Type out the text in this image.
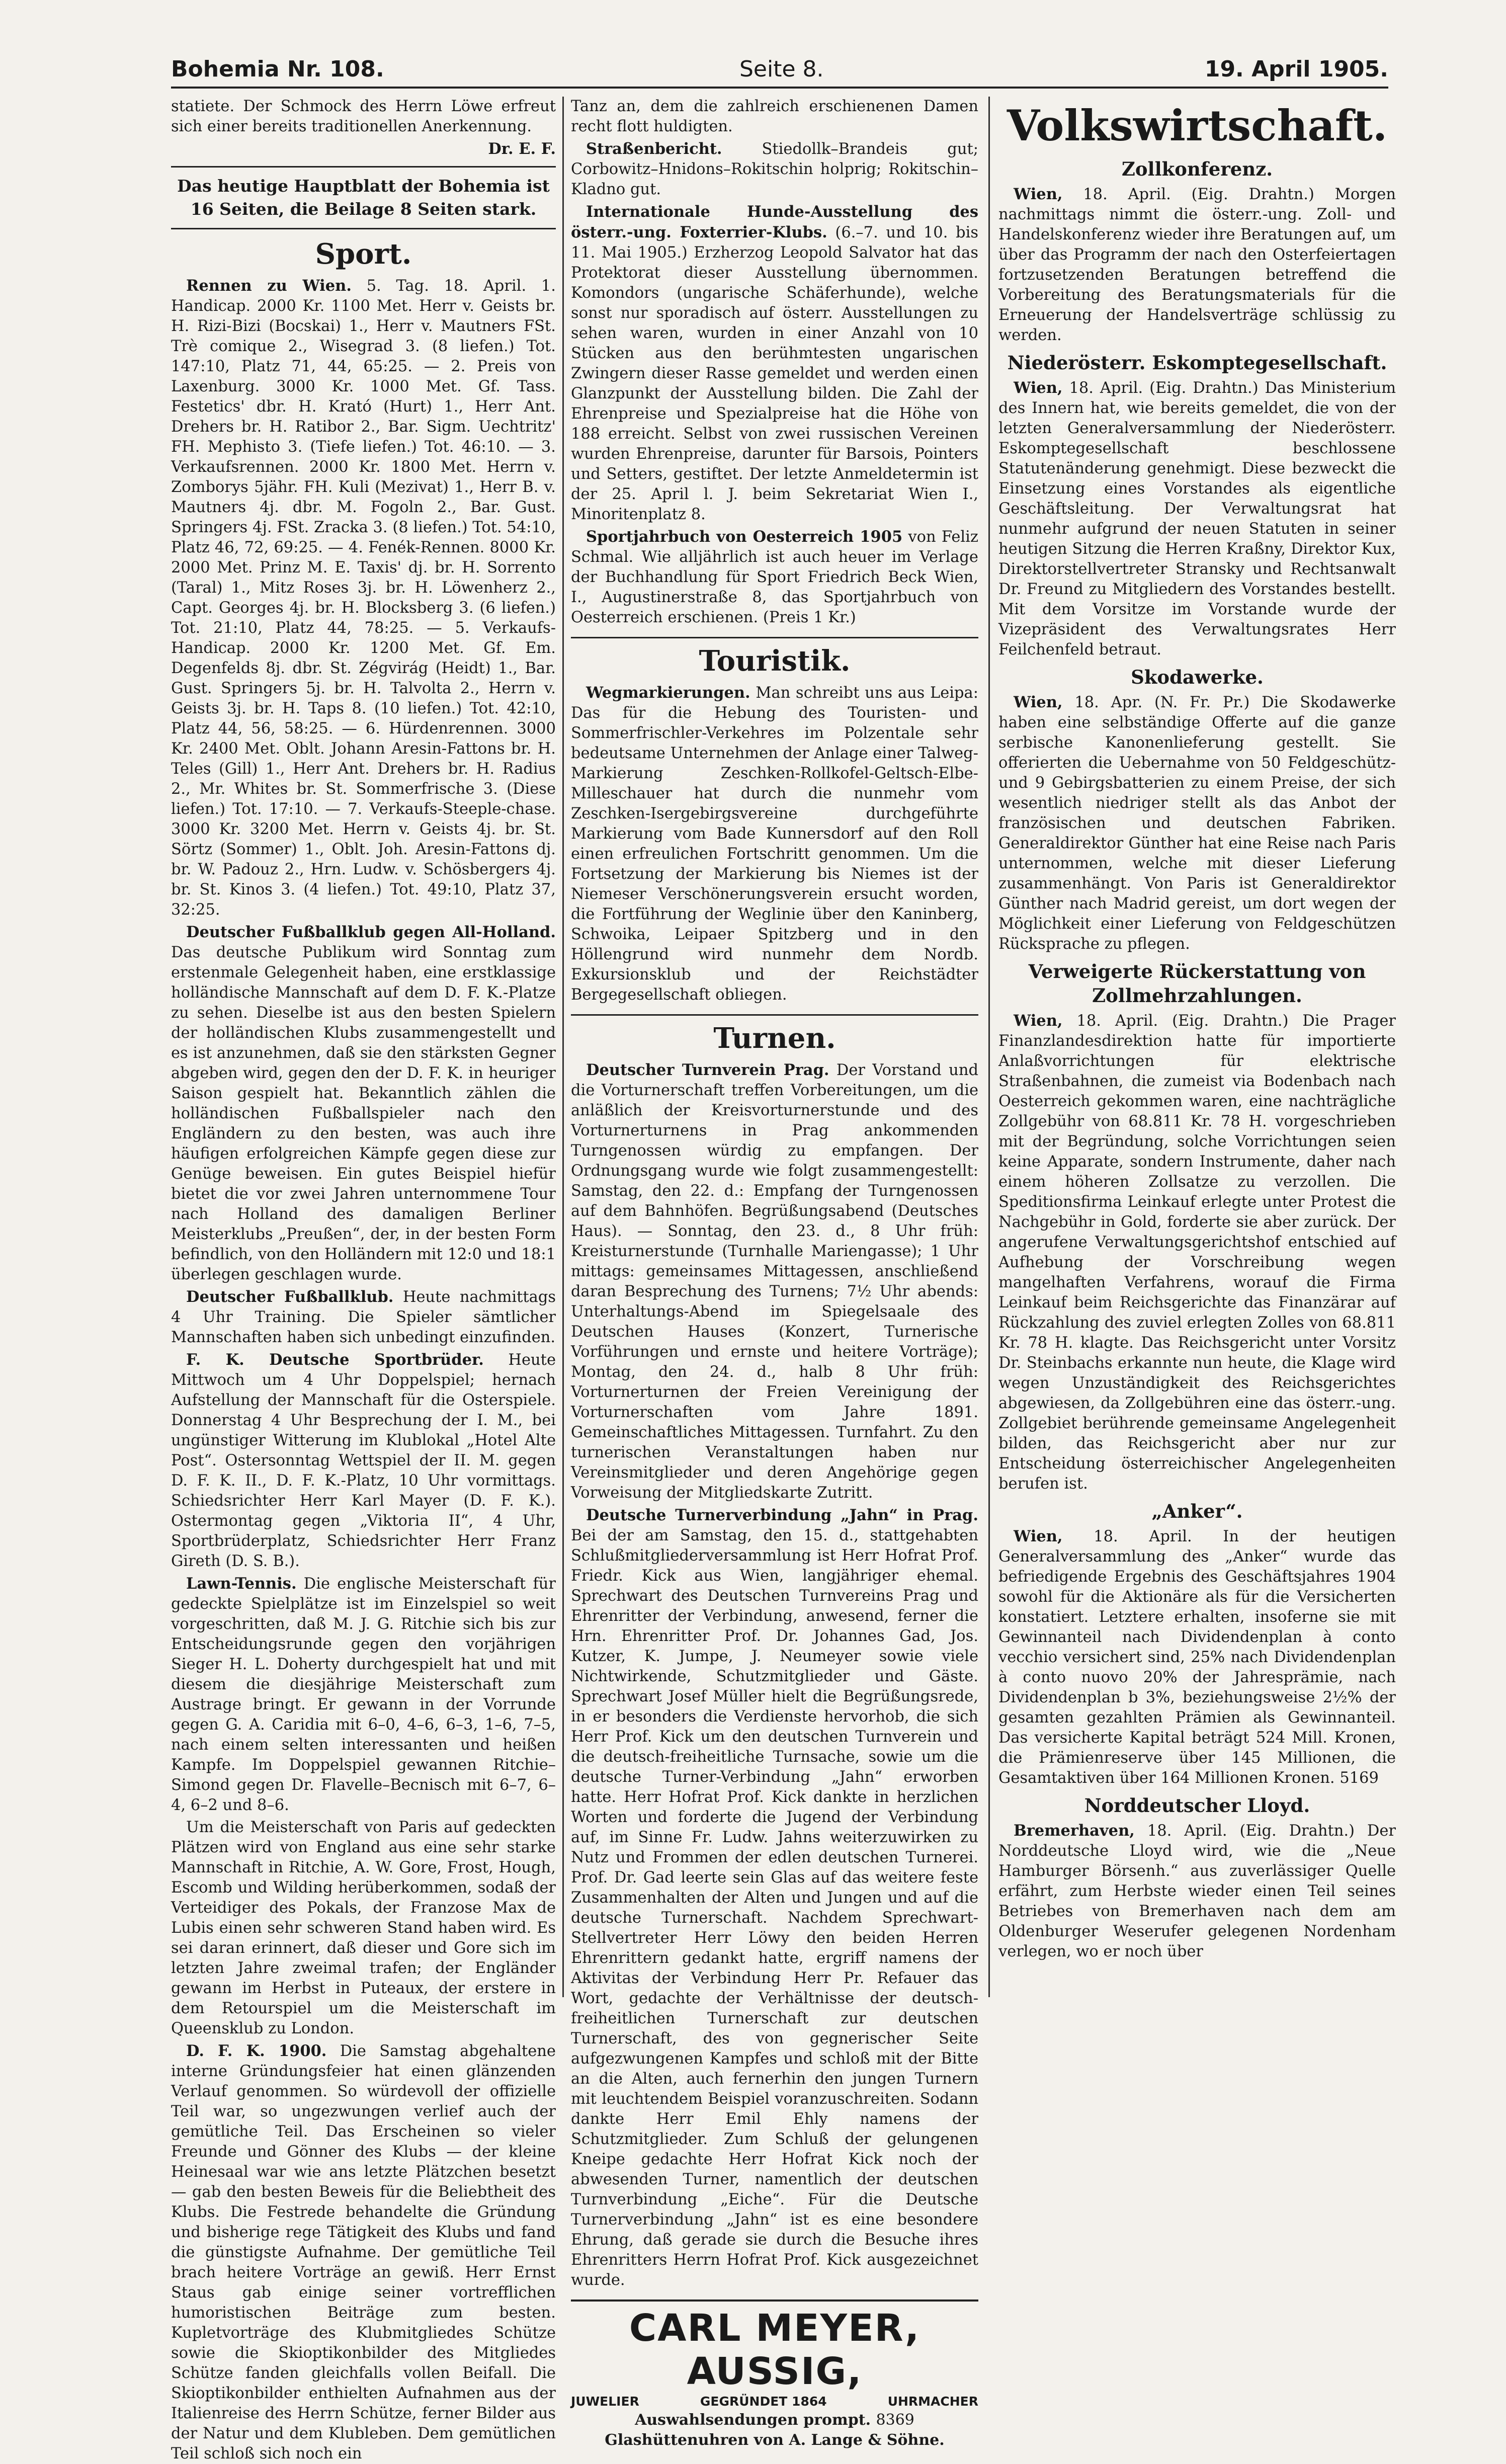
Bohemia Nr. 108.	Seite 8.	19. April 1905.

statiete. Der Schmock des Herrn Löwe erfreut sich einer bereits traditionellen Anerkennung.

Dr. E. F.

Das heutige Hauptblatt der Bohemia ist 16 Seiten, die Beilage 8 Seiten stark.
Sport.

Rennen zu Wien. 5. Tag. 18. April. 1. Handicap. 2000 Kr. 1100 Met. Herr v. Geists br. H. Rizi-Bizi (Bocskai) 1., Herr v. Mautners FSt. Trè comique 2., Wisegrad 3. (8 liefen.) Tot. 147:10, Platz 71, 44, 65:25. — 2. Preis von Laxenburg. 3000 Kr. 1000 Met. Gf. Tass. Festetics' dbr. H. Krató (Hurt) 1., Herr Ant. Drehers br. H. Ratibor 2., Bar. Sigm. Uechtritz' FH. Mephisto 3. (Tiefe liefen.) Tot. 46:10. — 3. Verkaufsrennen. 2000 Kr. 1800 Met. Herrn v. Zomborys 5jähr. FH. Kuli (Mezivat) 1., Herr B. v. Mautners 4j. dbr. M. Fogoln 2., Bar. Gust. Springers 4j. FSt. Zracka 3. (8 liefen.) Tot. 54:10, Platz 46, 72, 69:25. — 4. Fenék-Rennen. 8000 Kr. 2000 Met. Prinz M. E. Taxis' dj. br. H. Sorrento (Taral) 1., Mitz Roses 3j. br. H. Löwenherz 2., Capt. Georges 4j. br. H. Blocksberg 3. (6 liefen.) Tot. 21:10, Platz 44, 78:25. — 5. Verkaufs-Handicap. 2000 Kr. 1200 Met. Gf. Em. Degenfelds 8j. dbr. St. Zégvirág (Heidt) 1., Bar. Gust. Springers 5j. br. H. Talvolta 2., Herrn v. Geists 3j. br. H. Taps 8. (10 liefen.) Tot. 42:10, Platz 44, 56, 58:25. — 6. Hürdenrennen. 3000 Kr. 2400 Met. Oblt. Johann Aresin-Fattons br. H. Teles (Gill) 1., Herr Ant. Drehers br. H. Radius 2., Mr. Whites br. St. Sommerfrische 3. (Diese liefen.) Tot. 17:10. — 7. Verkaufs-Steeple-chase. 3000 Kr. 3200 Met. Herrn v. Geists 4j. br. St. Sörtz (Sommer) 1., Oblt. Joh. Aresin-Fattons dj. br. W. Padouz 2., Hrn. Ludw. v. Schösbergers 4j. br. St. Kinos 3. (4 liefen.) Tot. 49:10, Platz 37, 32:25.

Deutscher Fußballklub gegen All-Holland. Das deutsche Publikum wird Sonntag zum erstenmale Gelegenheit haben, eine erstklassige holländische Mannschaft auf dem D. F. K.-Platze zu sehen. Dieselbe ist aus den besten Spielern der holländischen Klubs zusammengestellt und es ist anzunehmen, daß sie den stärksten Gegner abgeben wird, gegen den der D. F. K. in heuriger Saison gespielt hat. Bekanntlich zählen die holländischen Fußballspieler nach den Engländern zu den besten, was auch ihre häufigen erfolgreichen Kämpfe gegen diese zur Genüge beweisen. Ein gutes Beispiel hiefür bietet die vor zwei Jahren unternommene Tour nach Holland des damaligen Berliner Meisterklubs „Preußen“, der, in der besten Form befindlich, von den Holländern mit 12:0 und 18:1 überlegen geschlagen wurde.

Deutscher Fußballklub. Heute nachmittags 4 Uhr Training. Die Spieler sämtlicher Mannschaften haben sich unbedingt einzufinden.

F. K. Deutsche Sportbrüder. Heute Mittwoch um 4 Uhr Doppelspiel; hernach Aufstellung der Mannschaft für die Osterspiele. Donnerstag 4 Uhr Besprechung der I. M., bei ungünstiger Witterung im Klublokal „Hotel Alte Post“. Ostersonntag Wettspiel der II. M. gegen D. F. K. II., D. F. K.-Platz, 10 Uhr vormittags. Schiedsrichter Herr Karl Mayer (D. F. K.). Ostermontag gegen „Viktoria II“, 4 Uhr, Sportbrüderplatz, Schiedsrichter Herr Franz Gireth (D. S. B.).

Lawn-Tennis. Die englische Meisterschaft für gedeckte Spielplätze ist im Einzelspiel so weit vorgeschritten, daß M. J. G. Ritchie sich bis zur Entscheidungsrunde gegen den vorjährigen Sieger H. L. Doherty durchgespielt hat und mit diesem die diesjährige Meisterschaft zum Austrage bringt. Er gewann in der Vorrunde gegen G. A. Caridia mit 6–0, 4–6, 6–3, 1–6, 7–5, nach einem selten interessanten und heißen Kampfe. Im Doppelspiel gewannen Ritchie–Simond gegen Dr. Flavelle–Becnisch mit 6–7, 6–4, 6–2 und 8–6.

Um die Meisterschaft von Paris auf gedeckten Plätzen wird von England aus eine sehr starke Mannschaft in Ritchie, A. W. Gore, Frost, Hough, Escomb und Wilding herüberkommen, sodaß der Verteidiger des Pokals, der Franzose Max de Lubis einen sehr schweren Stand haben wird. Es sei daran erinnert, daß dieser und Gore sich im letzten Jahre zweimal trafen; der Engländer gewann im Herbst in Puteaux, der erstere in dem Retourspiel um die Meisterschaft im Queensklub zu London.

D. F. K. 1900. Die Samstag abgehaltene interne Gründungsfeier hat einen glänzenden Verlauf genommen. So würdevoll der offizielle Teil war, so ungezwungen verlief auch der gemütliche Teil. Das Erscheinen so vieler Freunde und Gönner des Klubs — der kleine Heinesaal war wie ans letzte Plätzchen besetzt — gab den besten Beweis für die Beliebtheit des Klubs. Die Festrede behandelte die Gründung und bisherige rege Tätigkeit des Klubs und fand die günstigste Aufnahme. Der gemütliche Teil brach heitere Vorträge an gewiß. Herr Ernst Staus gab einige seiner vortrefflichen humoristischen Beiträge zum besten. Kupletvorträge des Klubmitgliedes Schütze sowie die Skioptikonbilder des Mitgliedes Schütze fanden gleichfalls vollen Beifall. Die Skioptikonbilder enthielten Aufnahmen aus der Italienreise des Herrn Schütze, ferner Bilder aus der Natur und dem Klubleben. Dem gemütlichen Teil schloß sich noch ein

Tanz an, dem die zahlreich erschienenen Damen recht flott huldigten.

Straßenbericht.	Stiedollk–Brandeis gut; Corbowitz–Hnidons–Rokitschin holprig; Rokitschin–Kladno gut.

Internationale Hunde-Ausstellung des österr.-ung. Foxterrier-Klubs. (6.–7. und 10. bis 11. Mai 1905.) Erzherzog Leopold Salvator hat das Protektorat dieser Ausstellung übernommen. Komondors (ungarische Schäferhunde), welche sonst nur sporadisch auf österr. Ausstellungen zu sehen waren, wurden in einer Anzahl von 10 Stücken aus den berühmtesten ungarischen Zwingern dieser Rasse gemeldet und werden einen Glanzpunkt der Ausstellung bilden. Die Zahl der Ehrenpreise und Spezialpreise hat die Höhe von 188 erreicht. Selbst von zwei russischen Vereinen wurden Ehrenpreise, darunter für Barsois, Pointers und Setters, gestiftet. Der letzte Anmeldetermin ist der 25. April l. J. beim Sekretariat Wien I., Minoritenplatz 8.

Sportjahrbuch von Oesterreich 1905 von Feliz Schmal. Wie alljährlich ist auch heuer im Verlage der Buchhandlung für Sport Friedrich Beck Wien, I., Augustinerstraße 8, das Sportjahrbuch von Oesterreich erschienen. (Preis 1 Kr.)

Touristik.

Wegmarkierungen. Man schreibt uns aus Leipa: Das für die Hebung des Touristen- und Sommerfrischler-Verkehres im Polzentale sehr bedeutsame Unternehmen der Anlage einer Talweg-Markierung Zeschken-Rollkofel-Geltsch-Elbe-Milleschauer hat durch die nunmehr vom Zeschken-Isergebirgsvereine durchgeführte Markierung vom Bade Kunnersdorf auf den Roll einen erfreulichen Fortschritt genommen. Um die Fortsetzung der Markierung bis Niemes ist der Niemeser Verschönerungsverein ersucht worden, die Fortführung der Weglinie über den Kaninberg, Schwoika, Leipaer Spitzberg und in den Höllengrund wird nunmehr dem Nordb. Exkursionsklub und der Reichstädter Bergegesellschaft obliegen.

Turnen.

Deutscher Turnverein Prag. Der Vorstand und die Vorturnerschaft treffen Vorbereitungen, um die anläßlich der Kreisvorturnerstunde und des Vorturnerturnens in Prag ankommenden Turngenossen würdig zu empfangen. Der Ordnungsgang wurde wie folgt zusammengestellt: Samstag, den 22. d.: Empfang der Turngenossen auf dem Bahnhöfen. Begrüßungsabend (Deutsches Haus). — Sonntag, den 23. d., 8 Uhr früh: Kreisturnerstunde (Turnhalle Mariengasse); 1 Uhr mittags: gemeinsames Mittagessen, anschließend daran Besprechung des Turnens; 7½ Uhr abends: Unterhaltungs-Abend im Spiegelsaale des Deutschen Hauses (Konzert, Turnerische Vorführungen und ernste und heitere Vorträge); Montag, den 24. d., halb 8 Uhr früh: Vorturnerturnen der Freien Vereinigung der Vorturnerschaften vom Jahre 1891. Gemeinschaftliches Mittagessen. Turnfahrt. Zu den turnerischen Veranstaltungen haben nur Vereinsmitglieder und deren Angehörige gegen Vorweisung der Mitgliedskarte Zutritt.

Deutsche Turnerverbindung „Jahn“ in Prag. Bei der am Samstag, den 15. d., stattgehabten Schlußmitgliederversammlung ist Herr Hofrat Prof. Friedr. Kick aus Wien, langjähriger ehemal. Sprechwart des Deutschen Turnvereins Prag und Ehrenritter der Verbindung, anwesend, ferner die Hrn. Ehrenritter Prof. Dr. Johannes Gad, Jos. Kutzer, K. Jumpe, J. Neumeyer sowie viele Nichtwirkende, Schutzmitglieder und Gäste. Sprechwart Josef Müller hielt die Begrüßungsrede, in er besonders die Verdienste hervorhob, die sich Herr Prof. Kick um den deutschen Turnverein und die deutsch-freiheitliche Turnsache, sowie um die deutsche Turner-Verbindung „Jahn“ erworben hatte. Herr Hofrat Prof. Kick dankte in herzlichen Worten und forderte die Jugend der Verbindung auf, im Sinne Fr. Ludw. Jahns weiterzuwirken zu Nutz und Frommen der edlen deutschen Turnerei. Prof. Dr. Gad leerte sein Glas auf das weitere feste Zusammenhalten der Alten und Jungen und auf die deutsche Turnerschaft. Nachdem Sprechwart-Stellvertreter Herr Löwy den beiden Herren Ehrenrittern gedankt hatte, ergriff namens der Aktivitas der Verbindung Herr Pr. Refauer das Wort, gedachte der Verhältnisse der deutsch-freiheitlichen Turnerschaft zur deutschen Turnerschaft, des von gegnerischer Seite aufgezwungenen Kampfes und schloß mit der Bitte an die Alten, auch fernerhin den jungen Turnern mit leuchtendem Beispiel voranzuschreiten. Sodann dankte Herr Emil Ehly namens der Schutzmitglieder. Zum Schluß der gelungenen Kneipe gedachte Herr Hofrat Kick noch der abwesenden Turner, namentlich der deutschen Turnverbindung „Eiche“. Für die Deutsche Turnerverbindung „Jahn“ ist es eine besondere Ehrung, daß gerade sie durch die Besuche ihres Ehrenritters Herrn Hofrat Prof. Kick ausgezeichnet wurde.

CARL MEYER, AUSSIG,
JUWELIER	GEGRÜNDET 1864	UHRMACHER
Auswahlsendungen prompt. 8369
Glashüttenuhren von A. Lange & Söhne.
Volkswirtschaft.
Zollkonferenz.

Wien, 18. April. (Eig. Drahtn.) Morgen nachmittags nimmt die österr.-ung. Zoll- und Handelskonferenz wieder ihre Beratungen auf, um über das Programm der nach den Osterfeiertagen fortzusetzenden Beratungen betreffend die Vorbereitung des Beratungsmaterials für die Erneuerung der Handelsverträge schlüssig zu werden.

Niederösterr. Eskomptegesellschaft.

Wien, 18. April. (Eig. Drahtn.) Das Ministerium des Innern hat, wie bereits gemeldet, die von der letzten Generalversammlung der Niederösterr. Eskomptegesellschaft beschlossene Statutenänderung genehmigt. Diese bezweckt die Einsetzung eines Vorstandes als eigentliche Geschäftsleitung. Der Verwaltungsrat hat nunmehr aufgrund der neuen Statuten in seiner heutigen Sitzung die Herren Kraßny, Direktor Kux, Direktorstellvertreter Stransky und Rechtsanwalt Dr. Freund zu Mitgliedern des Vorstandes bestellt. Mit dem Vorsitze im Vorstande wurde der Vizepräsident des Verwaltungsrates Herr Feilchenfeld betraut.

Skodawerke.

Wien, 18. Apr. (N. Fr. Pr.) Die Skodawerke haben eine selbständige Offerte auf die ganze serbische Kanonenlieferung gestellt. Sie offerierten die Uebernahme von 50 Feldgeschütz- und 9 Gebirgsbatterien zu einem Preise, der sich wesentlich niedriger stellt als das Anbot der französischen und deutschen Fabriken. Generaldirektor Günther hat eine Reise nach Paris unternommen, welche mit dieser Lieferung zusammenhängt. Von Paris ist Generaldirektor Günther nach Madrid gereist, um dort wegen der Möglichkeit einer Lieferung von Feldgeschützen Rücksprache zu pflegen.

Verweigerte Rückerstattung von Zollmehrzahlungen.

Wien, 18. April. (Eig. Drahtn.) Die Prager Finanzlandesdirektion hatte für importierte Anlaßvorrichtungen für elektrische Straßenbahnen, die zumeist via Bodenbach nach Oesterreich gekommen waren, eine nachträgliche Zollgebühr von 68.811 Kr. 78 H. vorgeschrieben mit der Begründung, solche Vorrichtungen seien keine Apparate, sondern Instrumente, daher nach einem höheren Zollsatze zu verzollen. Die Speditionsfirma Leinkauf erlegte unter Protest die Nachgebühr in Gold, forderte sie aber zurück. Der angerufene Verwaltungsgerichtshof entschied auf Aufhebung der Vorschreibung wegen mangelhaften Verfahrens, worauf die Firma Leinkauf beim Reichsgerichte das Finanzärar auf Rückzahlung des zuviel erlegten Zolles von 68.811 Kr. 78 H. klagte. Das Reichsgericht unter Vorsitz Dr. Steinbachs erkannte nun heute, die Klage wird wegen Unzuständigkeit des Reichsgerichtes abgewiesen, da Zollgebühren eine das österr.-ung. Zollgebiet berührende gemeinsame Angelegenheit bilden, das Reichsgericht aber nur zur Entscheidung österreichischer Angelegenheiten berufen ist.

„Anker“.

Wien, 18. April. In der heutigen Generalversammlung des „Anker“ wurde das befriedigende Ergebnis des Geschäftsjahres 1904 sowohl für die Aktionäre als für die Versicherten konstatiert. Letztere erhalten, insoferne sie mit Gewinnanteil nach Dividendenplan à conto vecchio versichert sind, 25% nach Dividendenplan à conto nuovo 20% der Jahresprämie, nach Dividendenplan b 3%, beziehungsweise 2½% der gesamten gezahlten Prämien als Gewinnanteil. Das versicherte Kapital beträgt 524 Mill. Kronen, die Prämienreserve über 145 Millionen, die Gesamtaktiven über 164 Millionen Kronen. 5169

Norddeutscher Lloyd.

Bremerhaven, 18. April. (Eig. Drahtn.) Der Norddeutsche Lloyd wird, wie die „Neue Hamburger Börsenh.“ aus zuverlässiger Quelle erfährt, zum Herbste wieder einen Teil seines Betriebes von Bremerhaven nach dem am Oldenburger Weserufer gelegenen Nordenham verlegen, wo er noch über
